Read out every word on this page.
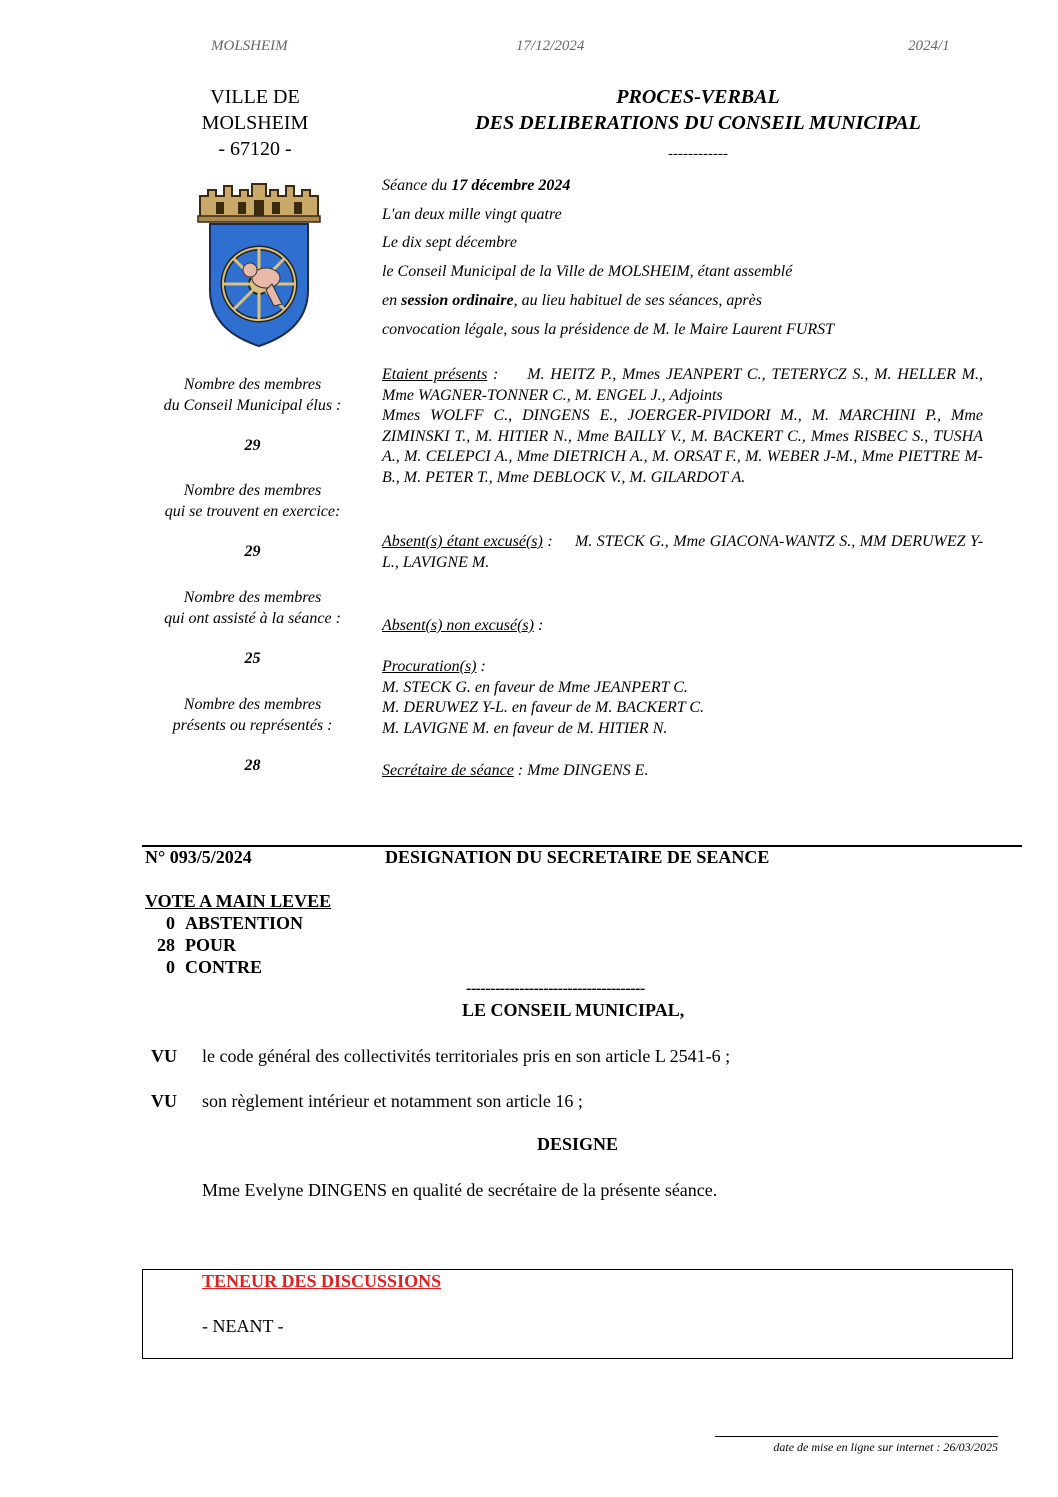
MOLSHEIM	17/12/2024	2024/1
VILLE DE
MOLSHEIM
- 67120 -
PROCES-VERBAL
DES DELIBERATIONS DU CONSEIL MUNICIPAL
------------
Séance du 17 décembre 2024
L'an deux mille vingt quatre
Le dix sept décembre
le Conseil Municipal de la Ville de MOLSHEIM, étant assemblé
en session ordinaire, au lieu habituel de ses séances, après
convocation légale, sous la présidence de M. le Maire Laurent FURST
Nombre des membres
du Conseil Municipal élus :
29
Nombre des membres
qui se trouvent en exercice:
29
Nombre des membres
qui ont assisté à la séance :
25
Nombre des membres
présents ou représentés :
28
Etaient présents : M. HEITZ P., Mmes JEANPERT C., TETERYCZ S., M. HELLER M., Mme WAGNER-TONNER C., M. ENGEL J., Adjoints
Mmes WOLFF C., DINGENS E., JOERGER-PIVIDORI M., M. MARCHINI P., Mme ZIMINSKI T., M. HITIER N., Mme BAILLY V., M. BACKERT C., Mmes RISBEC S., TUSHA A., M. CELEPCI A., Mme DIETRICH A., M. ORSAT F., M. WEBER J-M., Mme PIETTRE M-B., M. PETER T., Mme DEBLOCK V., M. GILARDOT A.
Absent(s) étant excusé(s) : M. STECK G., Mme GIACONA-WANTZ S., MM DERUWEZ Y-L., LAVIGNE M.
Absent(s) non excusé(s) :
Procuration(s) :
M. STECK G. en faveur de Mme JEANPERT C.
M. DERUWEZ Y-L. en faveur de M. BACKERT C.
M. LAVIGNE M. en faveur de M. HITIER N.
Secrétaire de séance : Mme DINGENS E.
N° 093/5/2024	DESIGNATION DU SECRETAIRE DE SEANCE
VOTE A MAIN LEVEE
0 ABSTENTION
28 POUR
0 CONTRE
-------------------------------------
LE CONSEIL MUNICIPAL,
VU le code général des collectivités territoriales pris en son article L 2541-6 ;
VU son règlement intérieur et notamment son article 16 ;
DESIGNE
Mme Evelyne DINGENS en qualité de secrétaire de la présente séance.
TENEUR DES DISCUSSIONS
- NEANT -
date de mise en ligne sur internet : 26/03/2025
